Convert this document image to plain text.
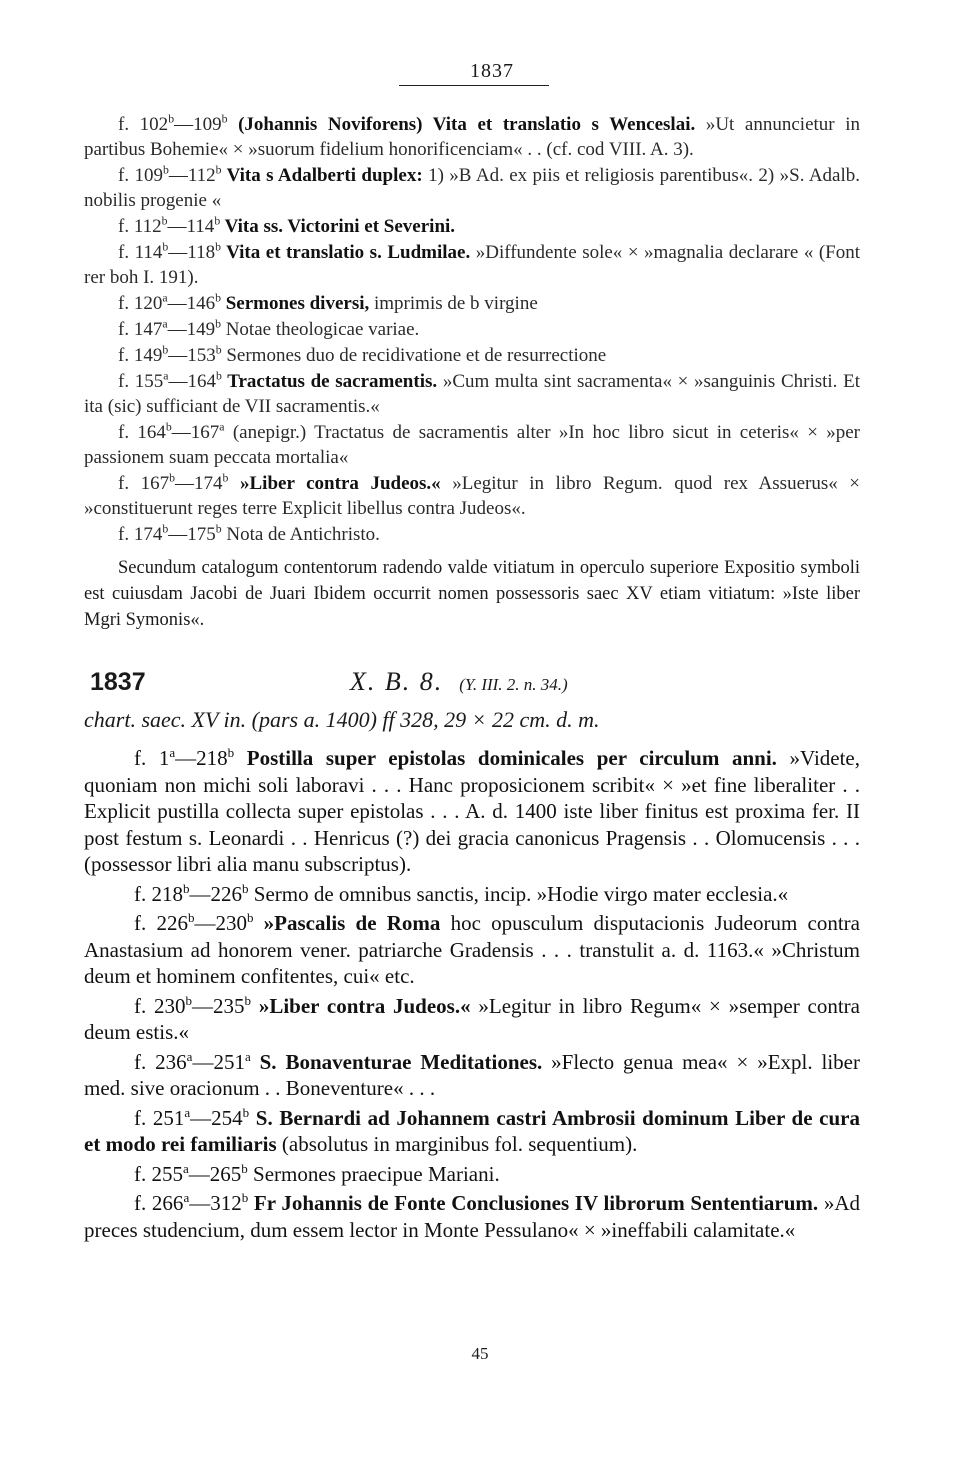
1837

f. 102$^b$—109$^b$ (Johannis Noviforens) Vita et translatio s Wencеslai. »Ut annunciеtur in partibus Bohemie« × »suorum fidelium honorificenciam« . . (cf. cod VIII. A. 3).

f. 109$^b$—112$^b$ Vita s Adalberti duplex: 1) »B Ad. ex piis et religiosis parentibus«. 2) »S. Adalb. nobilis progenie «

f. 112$^b$—114$^b$ Vita ss. Victorini et Severini.

f. 114$^b$—118$^b$ Vita et translatio s. Ludmilae. »Diffundente sole« × »magnalia declarare « (Font rer boh I. 191).

f. 120$^a$—146$^b$ Sermones diversi, imprimis de b virgine

f. 147$^a$—149$^b$ Notae theologicae variae.

f. 149$^b$—153$^b$ Sermones duo de recidivatione et de resurrectione

f. 155$^a$—164$^b$ Tractatus de sacramentis. »Cum multa sint sacramenta« × »sanguinis Christi. Et ita (sic) sufficiant de VII sacramentis.«

f. 164$^b$—167$^a$ (anepigr.) Tractatus de sacramentis alter »In hoc libro sicut in ceteris« × »per passionem suam peccata mortalia«

f. 167$^b$—174$^b$ »Liber contra Judeos.« »Legitur in libro Regum. quod rex Assuerus« × »constituerunt reges terre Explicit libellus contra Judeos«.

f. 174$^b$—175$^b$ Nota de Antichristo.

Secundum catalogum contentorum radendo valde vitiatum in operculo superiore Expositio symboli est cuiusdam Jacobi de Juari Ibidem occurrit nomen possessoris saec XV etiam vitiatum: »Iste liber Mgri Symonis«.
1837	X. B. 8. (Y. III. 2. n. 34.)
chart. saec. XV in. (pars a. 1400) ff 328, 29 × 22 cm. d. m.

f. 1$^a$—218$^b$ Postilla super epistolas dominicales per circulum anni. »Videte, quoniam non michi soli laboravi . . . Hanc proposicionem scribit« × »et fine liberaliter . . Explicit pustilla collecta super epistolas . . . A. d. 1400 iste liber finitus est proxima fer. II post festum s. Leonardi . . Henricus (?) dei gracia canonicus Pragensis . . Olomucensis . . . (possessor libri alia manu subscriptus).

f. 218$^b$—226$^b$ Sermo de omnibus sanctis, incip. »Hodie virgo mater ecclesia.«

f. 226$^b$—230$^b$ »Pascalis de Roma hoc opusculum disputacionis Judeorum contra Anastasium ad honorem vener. patriarche Gradensis . . . transtulit a. d. 1163.« »Christum deum et hominem confitentes, cui« etc.

f. 230$^b$—235$^b$ »Liber contra Judeos.« »Legitur in libro Regum« × »semper contra deum estis.«

f. 236$^a$—251$^a$ S. Bonaventurae Meditationes. »Flecto genua mea« × »Expl. liber med. sive oracionum . . Boneventure« . . .

f. 251$^a$—254$^b$ S. Bernardi ad Johannem castri Ambrosii dominum Liber de cura et modo rei familiaris (absolutus in marginibus fol. sequentium).

f. 255$^a$—265$^b$ Sermones praecipue Mariani.

f. 266$^a$—312$^b$ Fr Johannis de Fonte Conclusiones IV librorum Sententiarum. »Ad preces studencium, dum essem lector in Monte Pessulano« × »ineffabili calamitate.«

45
